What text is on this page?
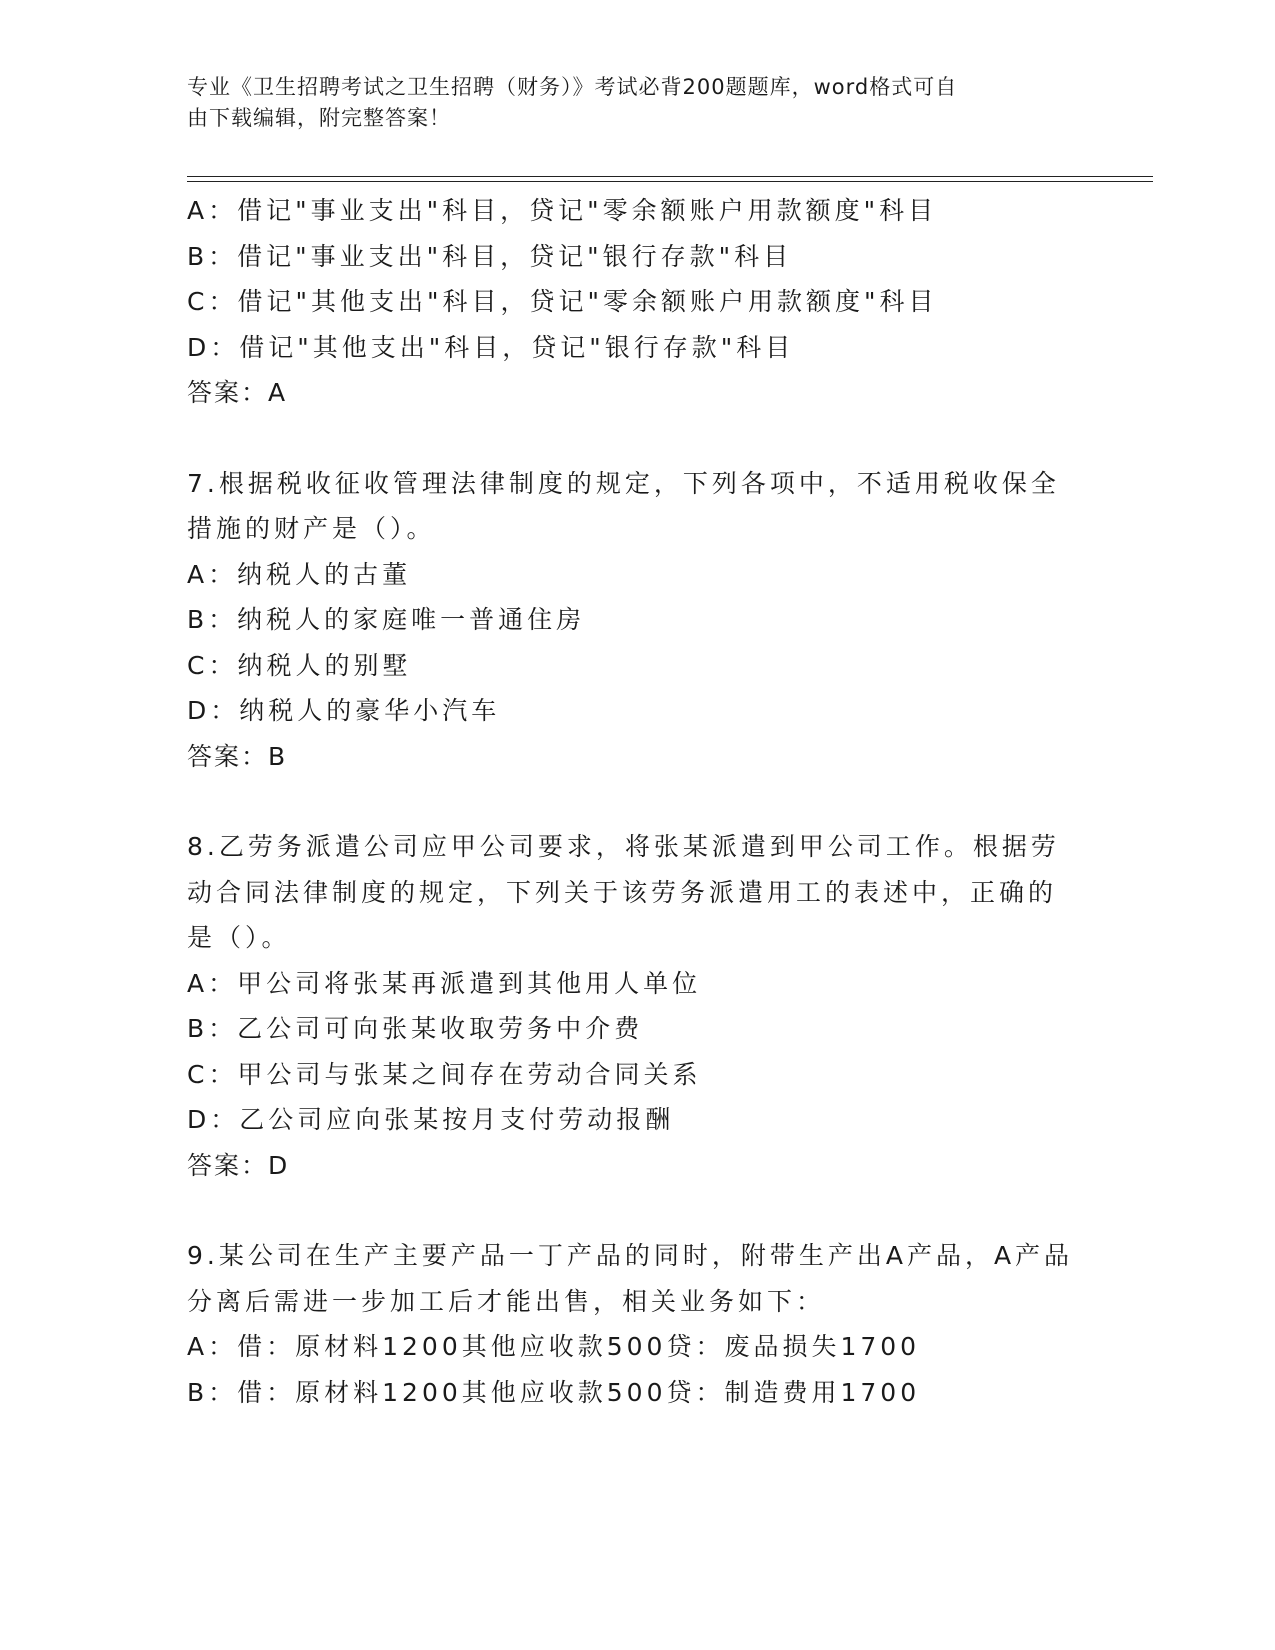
专业《卫生招聘考试之卫生招聘（财务）》考试必背200题题库，word格式可自
由下载编辑，附完整答案！
A：借记"事业支出"科目，贷记"零余额账户用款额度"科目
B：借记"事业支出"科目，贷记"银行存款"科目
C：借记"其他支出"科目，贷记"零余额账户用款额度"科目
D：借记"其他支出"科目，贷记"银行存款"科目
答案：A
7.根据税收征收管理法律制度的规定，下列各项中，不适用税收保全
措施的财产是（）。
A：纳税人的古董
B：纳税人的家庭唯一普通住房
C：纳税人的别墅
D：纳税人的豪华小汽车
答案：B
8.乙劳务派遣公司应甲公司要求，将张某派遣到甲公司工作。根据劳
动合同法律制度的规定，下列关于该劳务派遣用工的表述中，正确的
是（）。
A：甲公司将张某再派遣到其他用人单位
B：乙公司可向张某收取劳务中介费
C：甲公司与张某之间存在劳动合同关系
D：乙公司应向张某按月支付劳动报酬
答案：D
9.某公司在生产主要产品一丁产品的同时，附带生产出A产品，A产品
分离后需进一步加工后才能出售，相关业务如下：
A：借：原材料1200其他应收款500贷：废品损失1700
B：借：原材料1200其他应收款500贷：制造费用1700
